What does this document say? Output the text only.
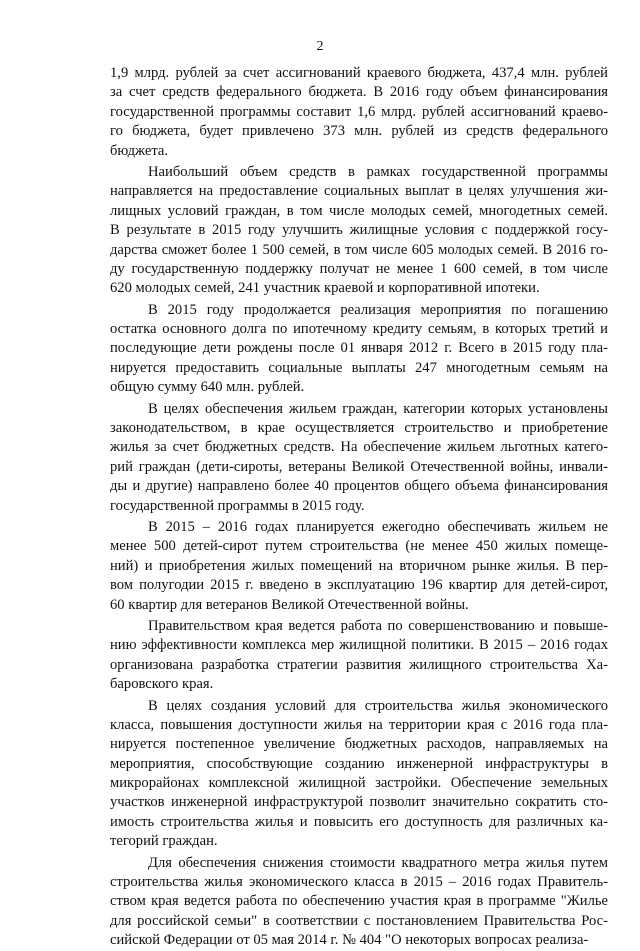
2
1,9 млрд. рублей за счет ассигнований краевого бюджета, 437,4 млн. рублей
за счет средств федерального бюджета. В 2016 году объем финансирования
государственной программы составит 1,6 млрд. рублей ассигнований краево-
го бюджета, будет привлечено 373 млн. рублей из средств федерального
бюджета.
Наибольший объем средств в рамках государственной программы
направляется на предоставление социальных выплат в целях улучшения жи-
лищных условий граждан, в том числе молодых семей, многодетных семей.
В результате в 2015 году улучшить жилищные условия с поддержкой госу-
дарства сможет более 1 500 семей, в том числе 605 молодых семей. В 2016 го-
ду государственную поддержку получат не менее 1 600 семей, в том числе
620 молодых семей, 241 участник краевой и корпоративной ипотеки.
В 2015 году продолжается реализация мероприятия по погашению
остатка основного долга по ипотечному кредиту семьям, в которых третий и
последующие дети рождены после 01 января 2012 г. Всего в 2015 году пла-
нируется предоставить социальные выплаты 247 многодетным семьям на
общую сумму 640 млн. рублей.
В целях обеспечения жильем граждан, категории которых установлены
законодательством, в крае осуществляется строительство и приобретение
жилья за счет бюджетных средств. На обеспечение жильем льготных катего-
рий граждан (дети-сироты, ветераны Великой Отечественной войны, инвали-
ды и другие) направлено более 40 процентов общего объема финансирования
государственной программы в 2015 году.
В 2015 – 2016 годах планируется ежегодно обеспечивать жильем не
менее 500 детей-сирот путем строительства (не менее 450 жилых помеще-
ний) и приобретения жилых помещений на вторичном рынке жилья. В пер-
вом полугодии 2015 г. введено в эксплуатацию 196 квартир для детей-сирот,
60 квартир для ветеранов Великой Отечественной войны.
Правительством края ведется работа по совершенствованию и повыше-
нию эффективности комплекса мер жилищной политики. В 2015 – 2016 годах
организована разработка стратегии развития жилищного строительства Ха-
баровского края.
В целях создания условий для строительства жилья экономического
класса, повышения доступности жилья на территории края с 2016 года пла-
нируется постепенное увеличение бюджетных расходов, направляемых на
мероприятия, способствующие созданию инженерной инфраструктуры в
микрорайонах комплексной жилищной застройки. Обеспечение земельных
участков инженерной инфраструктурой позволит значительно сократить сто-
имость строительства жилья и повысить его доступность для различных ка-
тегорий граждан.
Для обеспечения снижения стоимости квадратного метра жилья путем
строительства жилья экономического класса в 2015 – 2016 годах Правитель-
ством края ведется работа по обеспечению участия края в программе "Жилье
для российской семьи" в соответствии с постановлением Правительства Рос-
сийской Федерации от 05 мая 2014 г. № 404 "О некоторых вопросах реализа-
